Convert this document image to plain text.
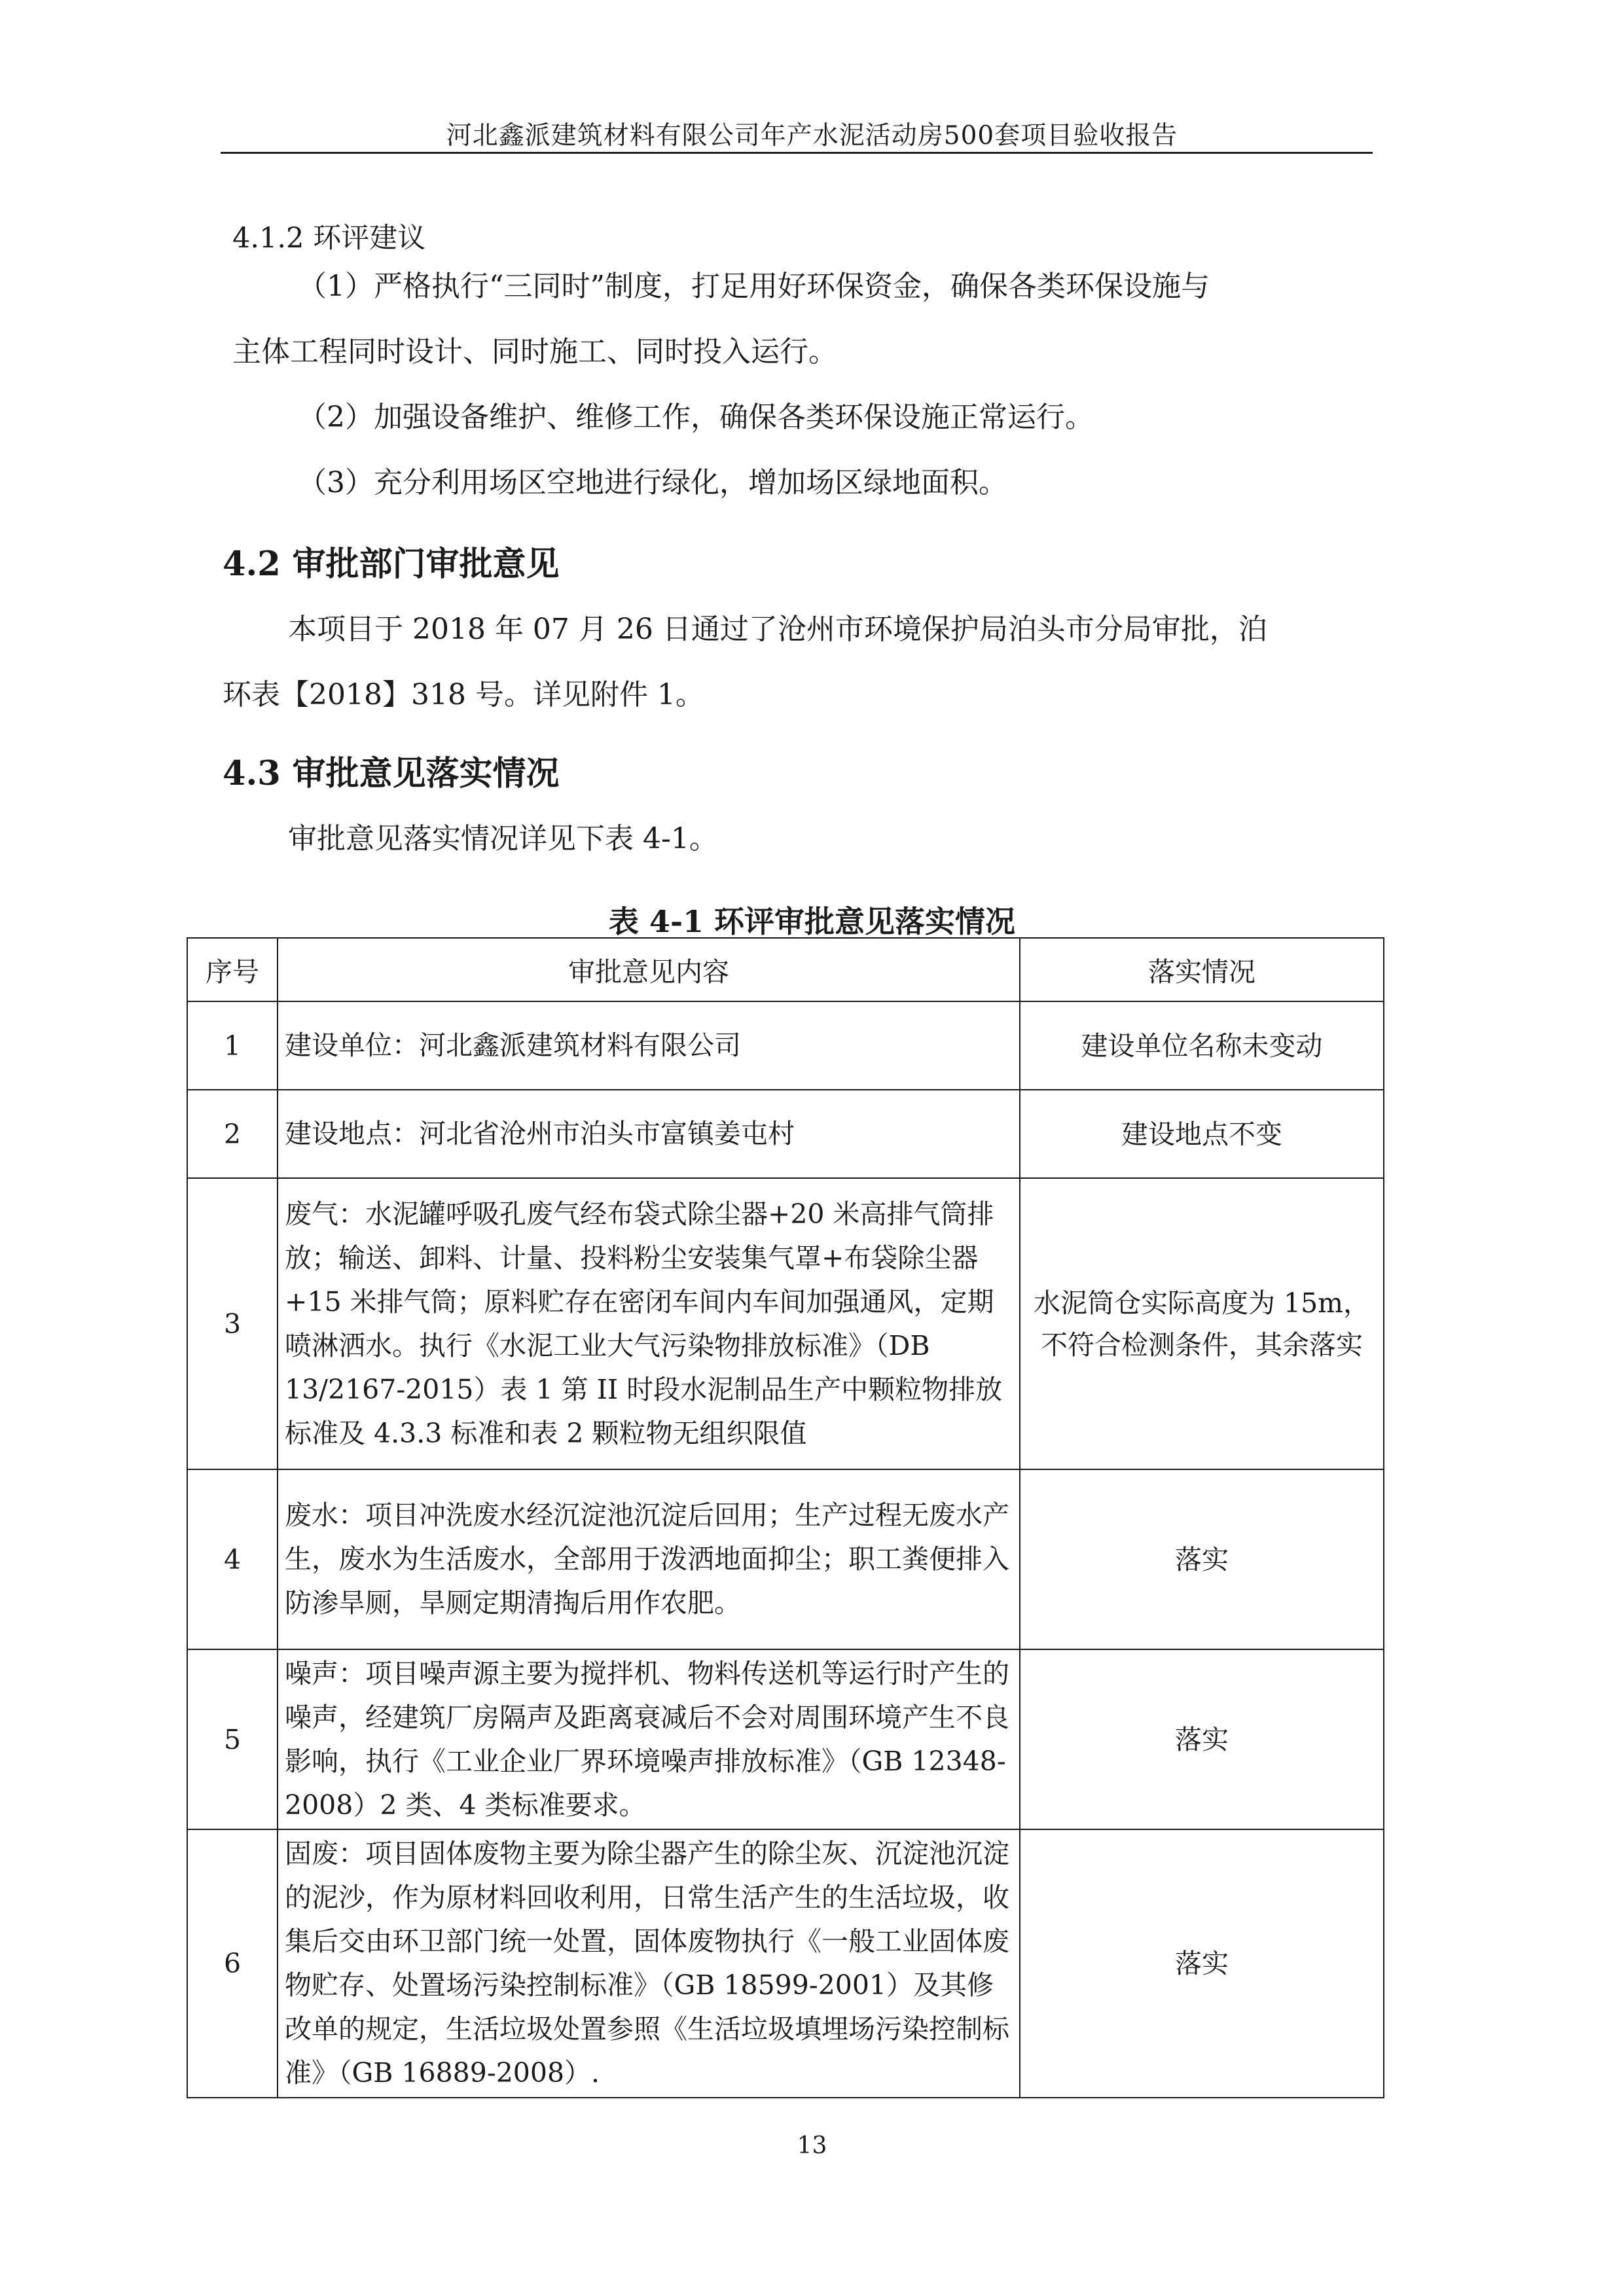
河北鑫派建筑材料有限公司年产水泥活动房500套项目验收报告
4.1.2 环评建议
（1）严格执行“三同时”制度，打足用好环保资金，确保各类环保设施与
主体工程同时设计、同时施工、同时投入运行。
（2）加强设备维护、维修工作，确保各类环保设施正常运行。
（3）充分利用场区空地进行绿化，增加场区绿地面积。
4.2 审批部门审批意见
本项目于 2018 年 07 月 26 日通过了沧州市环境保护局泊头市分局审批，泊
环表【2018】318 号。详见附件 1。
4.3 审批意见落实情况
审批意见落实情况详见下表 4-1。
表 4-1 环评审批意见落实情况
序号	审批意见内容	落实情况
1	建设单位：河北鑫派建筑材料有限公司	建设单位名称未变动
2	建设地点：河北省沧州市泊头市富镇姜屯村	建设地点不变
3	废气：水泥罐呼吸孔废气经布袋式除尘器+20 米高排气筒排放；输送、卸料、计量、投料粉尘安装集气罩+布袋除尘器+15 米排气筒；原料贮存在密闭车间内车间加强通风，定期喷淋洒水。执行《水泥工业大气污染物排放标准》（DB 13/2167-2015）表 1 第 II 时段水泥制品生产中颗粒物排放标准及 4.3.3 标准和表 2 颗粒物无组织限值	水泥筒仓实际高度为 15m，不符合检测条件，其余落实
4	废水：项目冲洗废水经沉淀池沉淀后回用；生产过程无废水产生，废水为生活废水，全部用于泼洒地面抑尘；职工粪便排入防渗旱厕，旱厕定期清掏后用作农肥。	落实
5	噪声：项目噪声源主要为搅拌机、物料传送机等运行时产生的噪声，经建筑厂房隔声及距离衰减后不会对周围环境产生不良影响，执行《工业企业厂界环境噪声排放标准》（GB 12348-2008）2 类、4 类标准要求。	落实
6	固废：项目固体废物主要为除尘器产生的除尘灰、沉淀池沉淀的泥沙，作为原材料回收利用，日常生活产生的生活垃圾，收集后交由环卫部门统一处置，固体废物执行《一般工业固体废物贮存、处置场污染控制标准》（GB 18599-2001）及其修改单的规定，生活垃圾处置参照《生活垃圾填埋场污染控制标准》（GB 16889-2008）.	落实
13
